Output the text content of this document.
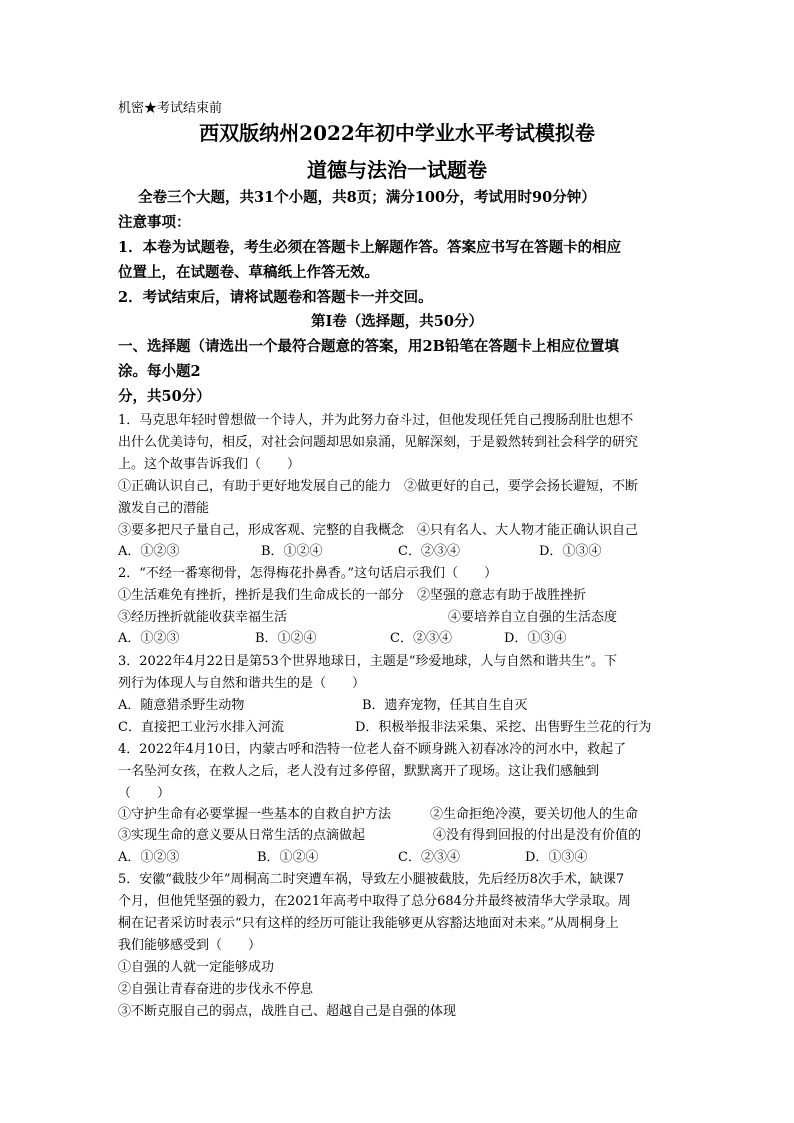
机密★考试结束前
西双版纳州2022年初中学业水平考试模拟卷
道德与法治一试题卷
全卷三个大题，共31个小题，共8页；满分100分，考试用时90分钟）
注意事项：
1．本卷为试题卷，考生必须在答题卡上解题作答。答案应书写在答题卡的相应
位置上，在试题卷、草稿纸上作答无效。
2．考试结束后，请将试题卷和答题卡一并交回。
第Ⅰ卷（选择题，共50分）
一、选择题（请选出一个最符合题意的答案，用2B铅笔在答题卡上相应位置填
涂。每小题2
分，共50分）
1．马克思年轻时曾想做一个诗人，并为此努力奋斗过，但他发现任凭自己搜肠刮肚也想不
出什么优美诗句，相反，对社会问题却思如泉涌，见解深刻，于是毅然转到社会科学的研究
上。这个故事告诉我们（　　）
①正确认识自己，有助于更好地发展自己的能力　②做更好的自己，要学会扬长避短，不断
激发自己的潜能
③要多把尺子量自己，形成客观、完整的自我概念　④只有名人、大人物才能正确认识自己
A．①②③	B．①②④	C．②③④	D．①③④
2．“不经一番寒彻骨，怎得梅花扑鼻香。”这句话启示我们（　　）
①生活难免有挫折，挫折是我们生命成长的一部分　②坚强的意志有助于战胜挫折
③经历挫折就能收获幸福生活	④要培养自立自强的生活态度
A．①②③	B．①②④	C．②③④	D．①③④
3．2022年4月22日是第53个世界地球日，主题是“珍爱地球，人与自然和谐共生”。下
列行为体现人与自然和谐共生的是（　　）
A．随意猎杀野生动物	B．遗弃宠物，任其自生自灭
C．直接把工业污水排入河流	D．积极举报非法采集、采挖、出售野生兰花的行为
4．2022年4月10日，内蒙古呼和浩特一位老人奋不顾身跳入初春冰冷的河水中，救起了
一名坠河女孩，在救人之后，老人没有过多停留，默默离开了现场。这让我们感触到
（　　）
①守护生命有必要掌握一些基本的自救自护方法	②生命拒绝冷漠，要关切他人的生命
③实现生命的意义要从日常生活的点滴做起	④没有得到回报的付出是没有价值的
A．①②③	B．①②④	C．②③④	D．①③④
5．安徽“截肢少年”周桐高二时突遭车祸，导致左小腿被截肢，先后经历8次手术，缺课7
个月，但他凭坚强的毅力，在2021年高考中取得了总分684分并最终被清华大学录取。周
桐在记者采访时表示“只有这样的经历可能让我能够更从容豁达地面对未来。”从周桐身上
我们能够感受到（　　）
①自强的人就一定能够成功
②自强让青春奋进的步伐永不停息
③不断克服自己的弱点，战胜自己、超越自己是自强的体现
